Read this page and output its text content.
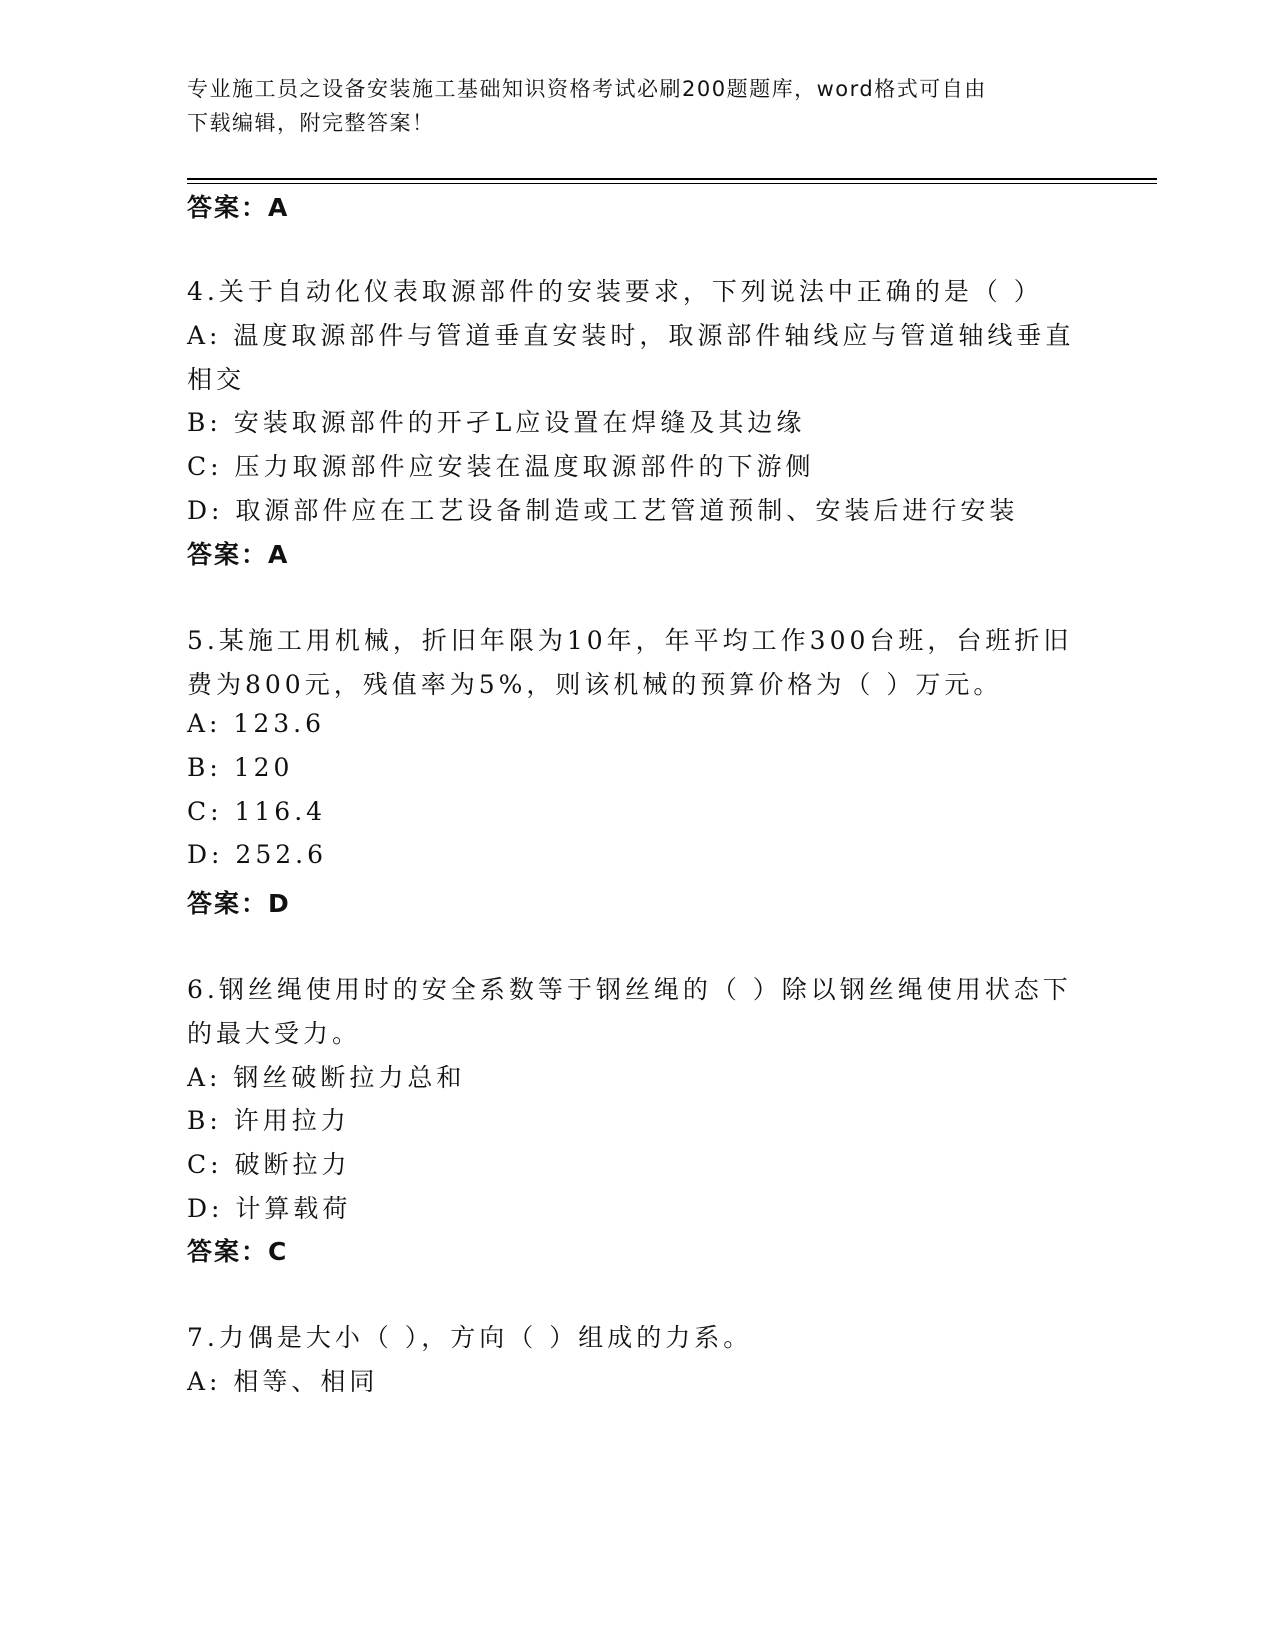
专业施工员之设备安装施工基础知识资格考试必刷200题题库，word格式可自由
下载编辑，附完整答案！
答案：A
4.关于自动化仪表取源部件的安装要求，下列说法中正确的是（ ）
A: 温度取源部件与管道垂直安装时，取源部件轴线应与管道轴线垂直
相交
B: 安装取源部件的开孑L应设置在焊缝及其边缘
C: 压力取源部件应安装在温度取源部件的下游侧
D: 取源部件应在工艺设备制造或工艺管道预制、安装后进行安装
答案：A
5.某施工用机械，折旧年限为10年，年平均工作300台班，台班折旧
费为800元，残值率为5%，则该机械的预算价格为（ ）万元。
A: 123.6
B: 120
C: 116.4
D: 252.6
答案：D
6.钢丝绳使用时的安全系数等于钢丝绳的（ ）除以钢丝绳使用状态下
的最大受力。
A: 钢丝破断拉力总和
B: 许用拉力
C: 破断拉力
D: 计算载荷
答案：C
7.力偶是大小（ ），方向（ ）组成的力系。
A: 相等、相同
